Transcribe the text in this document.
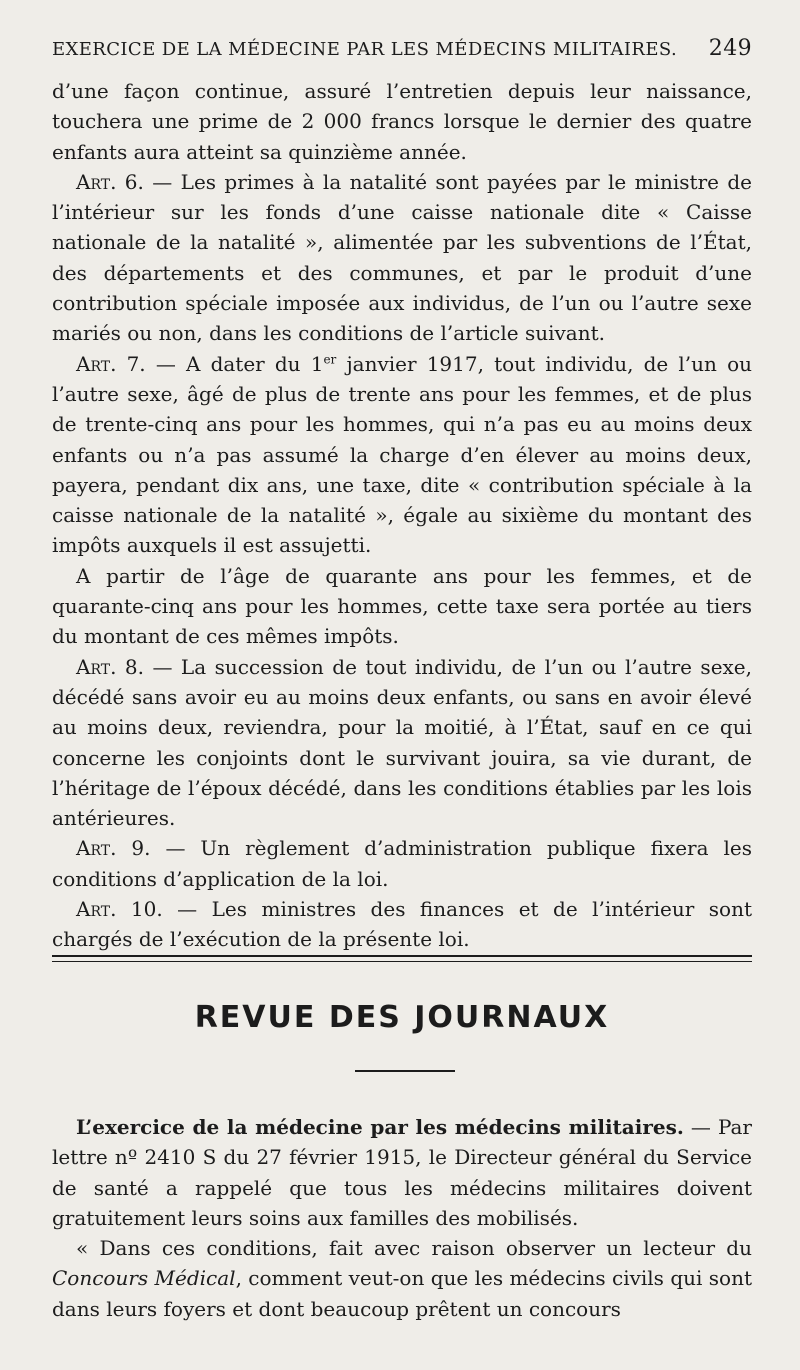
EXERCICE DE LA MÉDECINE PAR LES MÉDECINS MILITAIRES. 249

d’une façon continue, assuré l’entretien depuis leur naissance, touchera une prime de 2 000 francs lorsque le dernier des quatre enfants aura atteint sa quinzième année.

Art. 6. — Les primes à la natalité sont payées par le ministre de l’intérieur sur les fonds d’une caisse nationale dite « Caisse nationale de la natalité », alimentée par les subventions de l’État, des départements et des communes, et par le produit d’une contribution spéciale imposée aux individus, de l’un ou l’autre sexe mariés ou non, dans les conditions de l’article suivant.

Art. 7. — A dater du 1er janvier 1917, tout individu, de l’un ou l’autre sexe, âgé de plus de trente ans pour les femmes, et de plus de trente-cinq ans pour les hommes, qui n’a pas eu au moins deux enfants ou n’a pas assumé la charge d’en élever au moins deux, payera, pendant dix ans, une taxe, dite « contribution spéciale à la caisse nationale de la natalité », égale au sixième du montant des impôts auxquels il est assujetti.

A partir de l’âge de quarante ans pour les femmes, et de quarante-cinq ans pour les hommes, cette taxe sera portée au tiers du montant de ces mêmes impôts.

Art. 8. — La succession de tout individu, de l’un ou l’autre sexe, décédé sans avoir eu au moins deux enfants, ou sans en avoir élevé au moins deux, reviendra, pour la moitié, à l’État, sauf en ce qui concerne les conjoints dont le survivant jouira, sa vie durant, de l’héritage de l’époux décédé, dans les conditions établies par les lois antérieures.

Art. 9. — Un règlement d’administration publique fixera les conditions d’application de la loi.

Art. 10. — Les ministres des finances et de l’intérieur sont chargés de l’exécution de la présente loi.

REVUE DES JOURNAUX

L’exercice de la médecine par les médecins militaires. — Par lettre nº 2410 S du 27 février 1915, le Directeur général du Service de santé a rappelé que tous les médecins militaires doivent gratuitement leurs soins aux familles des mobilisés.

« Dans ces conditions, fait avec raison observer un lecteur du Concours Médical, comment veut-on que les médecins civils qui sont dans leurs foyers et dont beaucoup prêtent un concours
